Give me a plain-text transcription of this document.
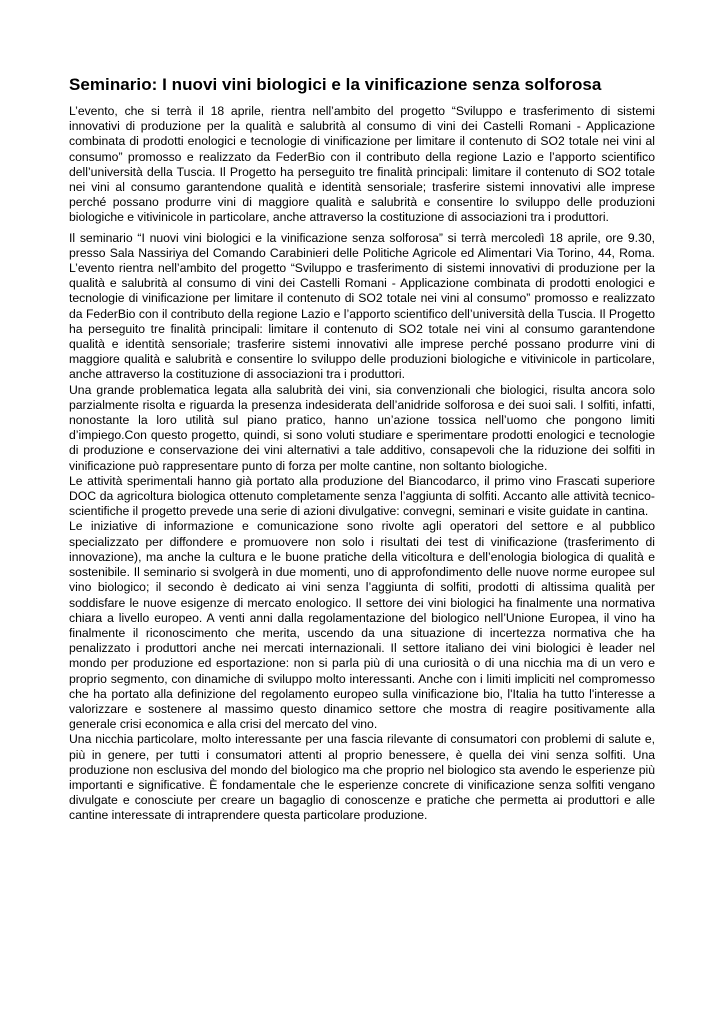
Seminario: I nuovi vini biologici e la vinificazione senza solforosa

L’evento, che si terrà il 18 aprile, rientra nell’ambito del progetto “Sviluppo e trasferimento di sistemi innovativi di produzione per la qualità e salubrità al consumo di vini dei Castelli Romani - Applicazione combinata di prodotti enologici e tecnologie di vinificazione per limitare il contenuto di SO2 totale nei vini al consumo” promosso e realizzato da FederBio con il contributo della regione Lazio e l’apporto scientifico dell’università della Tuscia. Il Progetto ha perseguito tre finalità principali: limitare il contenuto di SO2 totale nei vini al consumo garantendone qualità e identità sensoriale; trasferire sistemi innovativi alle imprese perché possano produrre vini di maggiore qualità e salubrità e consentire lo sviluppo delle produzioni biologiche e vitivinicole in particolare, anche attraverso la costituzione di associazioni tra i produttori.

Il seminario “I nuovi vini biologici e la vinificazione senza solforosa” si terrà mercoledì 18 aprile, ore 9.30, presso Sala Nassiriya del Comando Carabinieri delle Politiche Agricole ed Alimentari Via Torino, 44, Roma. L’evento rientra nell’ambito del progetto “Sviluppo e trasferimento di sistemi innovativi di produzione per la qualità e salubrità al consumo di vini dei Castelli Romani - Applicazione combinata di prodotti enologici e tecnologie di vinificazione per limitare il contenuto di SO2 totale nei vini al consumo” promosso e realizzato da FederBio con il contributo della regione Lazio e l’apporto scientifico dell’università della Tuscia. Il Progetto ha perseguito tre finalità principali: limitare il contenuto di SO2 totale nei vini al consumo garantendone qualità e identità sensoriale; trasferire sistemi innovativi alle imprese perché possano produrre vini di maggiore qualità e salubrità e consentire lo sviluppo delle produzioni biologiche e vitivinicole in particolare, anche attraverso la costituzione di associazioni tra i produttori.

Una grande problematica legata alla salubrità dei vini, sia convenzionali che biologici, risulta ancora solo parzialmente risolta e riguarda la presenza indesiderata dell’anidride solforosa e dei suoi sali. I solfiti, infatti, nonostante la loro utilità sul piano pratico, hanno un’azione tossica nell’uomo che pongono limiti d’impiego.Con questo progetto, quindi, si sono voluti studiare e sperimentare prodotti enologici e tecnologie di produzione e conservazione dei vini alternativi a tale additivo, consapevoli che la riduzione dei solfiti in vinificazione può rappresentare punto di forza per molte cantine, non soltanto biologiche.

Le attività sperimentali hanno già portato alla produzione del Biancodarco, il primo vino Frascati superiore DOC da agricoltura biologica ottenuto completamente senza l’aggiunta di solfiti. Accanto alle attività tecnico-scientifiche il progetto prevede una serie di azioni divulgative: convegni, seminari e visite guidate in cantina.

Le iniziative di informazione e comunicazione sono rivolte agli operatori del settore e al pubblico specializzato per diffondere e promuovere non solo i risultati dei test di vinificazione (trasferimento di innovazione), ma anche la cultura e le buone pratiche della viticoltura e dell’enologia biologica di qualità e sostenibile. Il seminario si svolgerà in due momenti, uno di approfondimento delle nuove norme europee sul vino biologico; il secondo è dedicato ai vini senza l’aggiunta di solfiti, prodotti di altissima qualità per soddisfare le nuove esigenze di mercato enologico. Il settore dei vini biologici ha finalmente una normativa chiara a livello europeo. A venti anni dalla regolamentazione del biologico nell’Unione Europea, il vino ha finalmente il riconoscimento che merita, uscendo da una situazione di incertezza normativa che ha penalizzato i produttori anche nei mercati internazionali. Il settore italiano dei vini biologici è leader nel mondo per produzione ed esportazione: non si parla più di una curiosità o di una nicchia ma di un vero e proprio segmento, con dinamiche di sviluppo molto interessanti. Anche con i limiti impliciti nel compromesso che ha portato alla definizione del regolamento europeo sulla vinificazione bio, l'Italia ha tutto l'interesse a valorizzare e sostenere al massimo questo dinamico settore che mostra di reagire positivamente alla generale crisi economica e alla crisi del mercato del vino.

Una nicchia particolare, molto interessante per una fascia rilevante di consumatori con problemi di salute e, più in genere, per tutti i consumatori attenti al proprio benessere, è quella dei vini senza solfiti. Una produzione non esclusiva del mondo del biologico ma che proprio nel biologico sta avendo le esperienze più importanti e significative. È fondamentale che le esperienze concrete di vinificazione senza solfiti vengano divulgate e conosciute per creare un bagaglio di conoscenze e pratiche che permetta ai produttori e alle cantine interessate di intraprendere questa particolare produzione.
